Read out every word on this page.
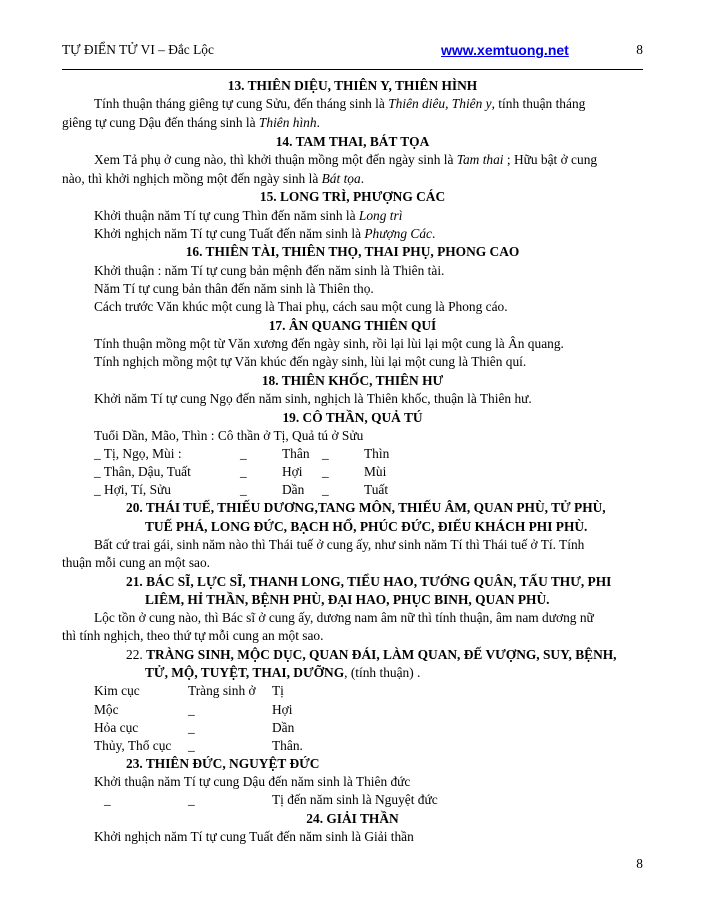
TỰ ĐIỂN TỬ VI – Đắc Lộc	www.xemtuong.net	8
13. THIÊN DIỆU, THIÊN Y, THIÊN HÌNH
Tính thuận tháng giêng tự cung Sửu, đến tháng sinh là Thiên diêu, Thiên y, tính thuận tháng
giêng tự cung Dậu đến tháng sinh là Thiên hình.
14. TAM THAI, BÁT TỌA
Xem Tả phụ ở cung nào, thì khởi thuận mồng một đến ngày sinh là Tam thai ; Hữu bật ở cung
nào, thì khởi nghịch mồng một đến ngày sinh là Bát tọa.
15. LONG TRÌ, PHƯỢNG CÁC
Khởi thuận năm Tí tự cung Thìn đến năm sinh là Long trì
Khởi nghịch năm Tí tự cung Tuất đến năm sinh là Phượng Các.
16. THIÊN TÀI, THIÊN THỌ, THAI PHỤ, PHONG CAO
Khởi thuận : năm Tí tự cung bản mệnh đến năm sinh là Thiên tài.
Năm Tí tự cung bản thân đến năm sinh là Thiên thọ.
Cách trước Văn khúc một cung là Thai phụ, cách sau một cung là Phong cáo.
17. ÂN QUANG THIÊN QUÍ
Tính thuận mồng một từ Văn xương đến ngày sinh, rồi lại lùi lại một cung là Ân quang.
Tính nghịch mồng một tự Văn khúc đến ngày sinh, lùi lại một cung là Thiên quí.
18. THIÊN KHỐC, THIÊN HƯ
Khởi năm Tí tự cung Ngọ đến năm sinh, nghịch là Thiên khốc, thuận là Thiên hư.
19. CÔ THẦN, QUẢ TÚ
Tuổi Dần, Mão, Thìn : Cô thần ở Tị, Quả tú ở Sửu
_ Tị, Ngọ, Mùi :	_	Thân _	Thìn
_ Thân, Dậu, Tuất	_	Hợi _	Mùi
_ Hợi, Tí, Sửu	_	Dần _	Tuất
20. THÁI TUẾ, THIẾU DƯƠNG,TANG MÔN, THIẾU ÂM, QUAN PHÙ, TỬ PHÙ,
TUẾ PHÁ, LONG ĐỨC, BẠCH HỔ, PHÚC ĐỨC, ĐIẾU KHÁCH PHI PHÙ.
Bất cứ trai gái, sinh năm nào thì Thái tuế ở cung ấy, như sinh năm Tí thì Thái tuế ở Tí. Tính
thuận mỗi cung an một sao.
21. BÁC SĨ, LỰC SĨ, THANH LONG, TIỂU HAO, TƯỚNG QUÂN, TẤU THƯ, PHI
LIÊM, HỈ THẦN, BỆNH PHÙ, ĐẠI HAO, PHỤC BINH, QUAN PHÙ.
Lộc tồn ở cung nào, thì Bác sĩ ở cung ấy, dương nam âm nữ thì tính thuận, âm nam dương nữ
thì tính nghịch, theo thứ tự mỗi cung an một sao.
22. TRÀNG SINH, MỘC DỤC, QUAN ĐÁI, LÀM QUAN, ĐẾ VƯỢNG, SUY, BỆNH,
TỬ, MỘ, TUYỆT, THAI, DƯỠNG, (tính thuận) .
Kim cục	Tràng sinh ở Tị
Mộc	_	Hợi
Hỏa cục	_	Dần
Thủy, Thổ cục _	Thân.
23. THIÊN ĐỨC, NGUYỆT ĐỨC
Khởi thuận năm Tí tự cung Dậu đến năm sinh là Thiên đức
_	_	Tị đến năm sinh là Nguyệt đức
24. GIẢI THẦN
Khởi nghịch năm Tí tự cung Tuất đến năm sinh là Giải thần
8
